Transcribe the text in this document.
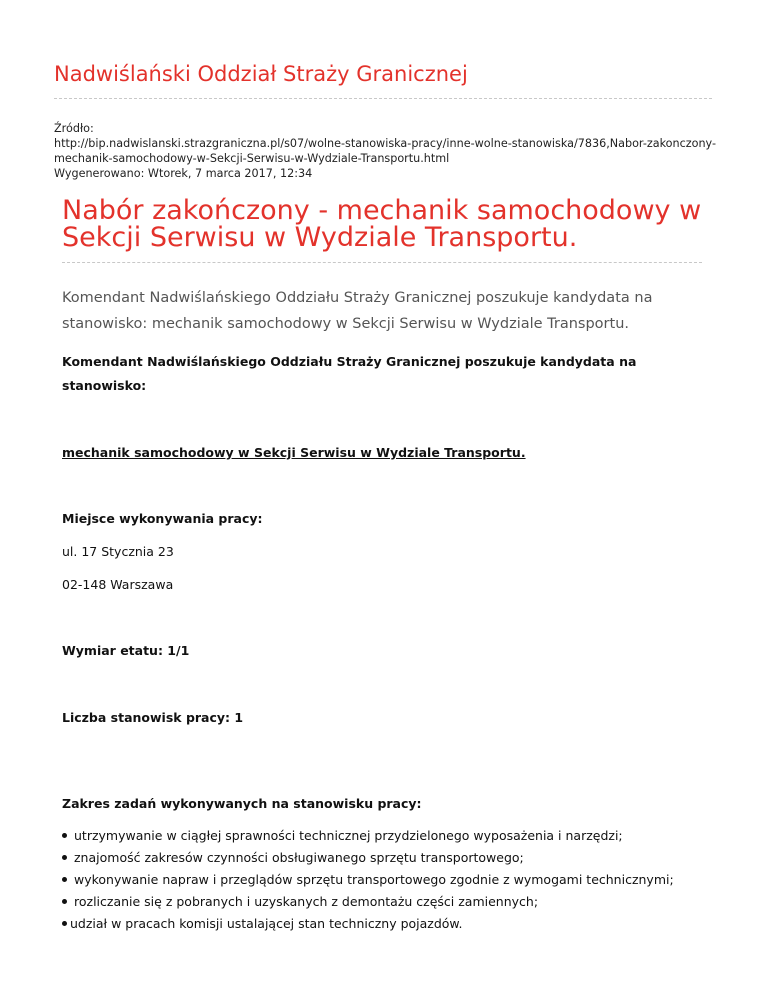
Nadwiślański Oddział Straży Granicznej
Źródło:
http://bip.nadwislanski.strazgraniczna.pl/s07/wolne-stanowiska-pracy/inne-wolne-stanowiska/7836,Nabor-zakonczony-
mechanik-samochodowy-w-Sekcji-Serwisu-w-Wydziale-Transportu.html
Wygenerowano: Wtorek, 7 marca 2017, 12:34
Nabór zakończony - mechanik samochodowy w
Sekcji Serwisu w Wydziale Transportu.
Komendant Nadwiślańskiego Oddziału Straży Granicznej poszukuje kandydata na
stanowisko: mechanik samochodowy w Sekcji Serwisu w Wydziale Transportu.
Komendant Nadwiślańskiego Oddziału Straży Granicznej poszukuje kandydata na
stanowisko:
mechanik samochodowy w Sekcji Serwisu w Wydziale Transportu.
Miejsce wykonywania pracy:
ul. 17 Stycznia 23
02-148 Warszawa
Wymiar etatu: 1/1
Liczba stanowisk pracy: 1
Zakres zadań wykonywanych na stanowisku pracy:
utrzymywanie w ciągłej sprawności technicznej przydzielonego wyposażenia i narzędzi;
znajomość zakresów czynności obsługiwanego sprzętu transportowego;
wykonywanie napraw i przeglądów sprzętu transportowego zgodnie z wymogami technicznymi;
rozliczanie się z pobranych i uzyskanych z demontażu części zamiennych;
udział w pracach komisji ustalającej stan techniczny pojazdów.
